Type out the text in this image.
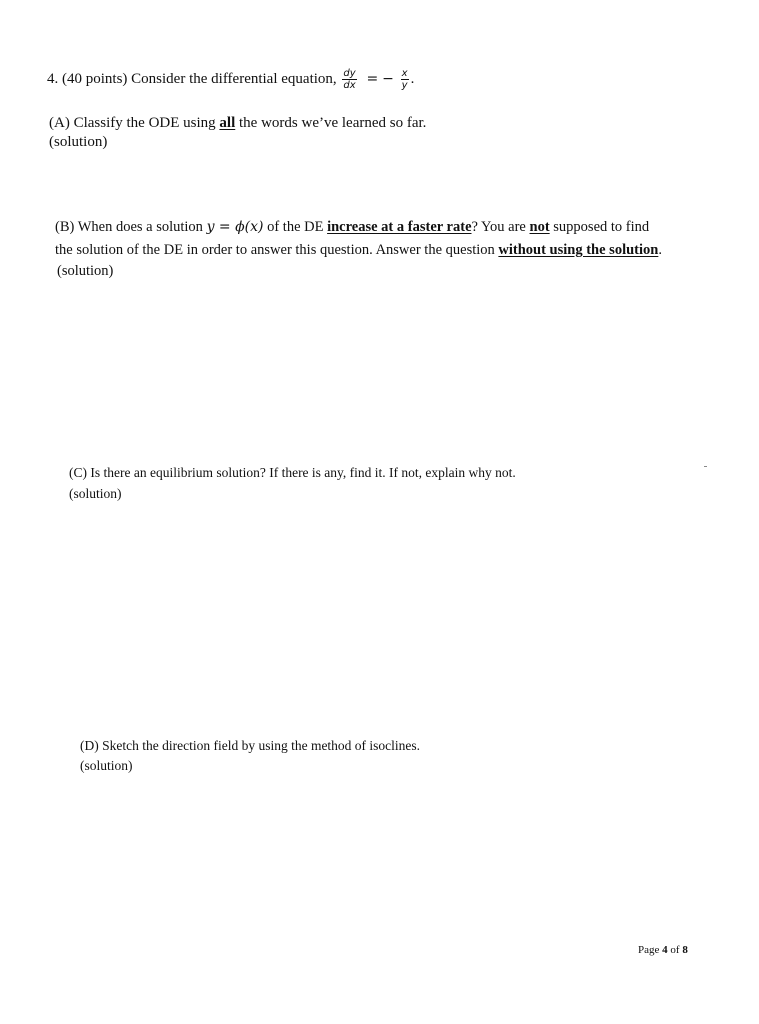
4. (40 points) Consider the differential equation, $\frac{dy}{dx}$ = − $\frac{x}{y}$ .
(A) Classify the ODE using all the words we’ve learned so far.
(solution)
(B) When does a solution y = ϕ(x) of the DE increase at a faster rate? You are not supposed to find
the solution of the DE in order to answer this question. Answer the question without using the solution.
(solution)
(C) Is there an equilibrium solution? If there is any, find it. If not, explain why not.
(solution)
(D) Sketch the direction field by using the method of isoclines.
(solution)
Page 4 of 8
